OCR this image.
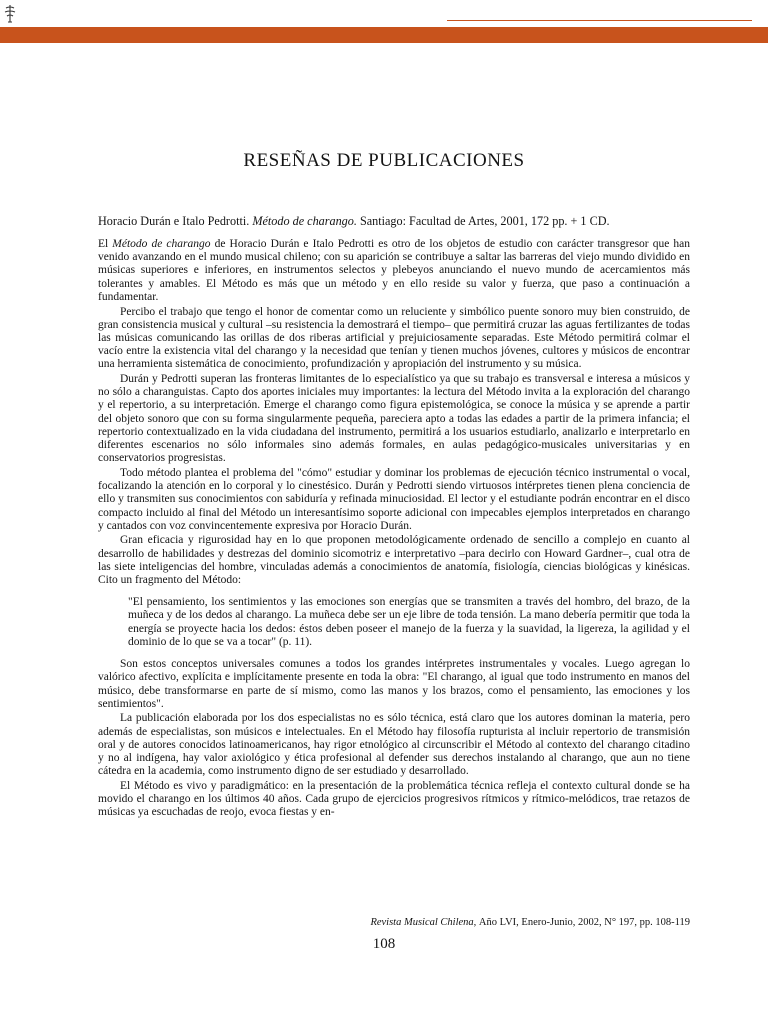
RESEÑAS DE PUBLICACIONES

Horacio Durán e Italo Pedrotti. Método de charango. Santiago: Facultad de Artes, 2001, 172 pp. + 1 CD.

El Método de charango de Horacio Durán e Italo Pedrotti es otro de los objetos de estudio con carácter transgresor que han venido avanzando en el mundo musical chileno; con su aparición se contribuye a saltar las barreras del viejo mundo dividido en músicas superiores e inferiores, en instrumentos selectos y plebeyos anunciando el nuevo mundo de acercamientos más tolerantes y amables. El Método es más que un método y en ello reside su valor y fuerza, que paso a continuación a fundamentar.

Percibo el trabajo que tengo el honor de comentar como un reluciente y simbólico puente sonoro muy bien construido, de gran consistencia musical y cultural –su resistencia la demostrará el tiempo– que permitirá cruzar las aguas fertilizantes de todas las músicas comunicando las orillas de dos riberas artificial y prejuiciosamente separadas. Este Método permitirá colmar el vacío entre la existencia vital del charango y la necesidad que tenían y tienen muchos jóvenes, cultores y músicos de encontrar una herramienta sistemática de conocimiento, profundización y apropiación del instrumento y su música.

Durán y Pedrotti superan las fronteras limitantes de lo especialístico ya que su trabajo es transversal e interesa a músicos y no sólo a charanguistas. Capto dos aportes iniciales muy importantes: la lectura del Método invita a la exploración del charango y el repertorio, a su interpretación. Emerge el charango como figura epistemológica, se conoce la música y se aprende a partir del objeto sonoro que con su forma singularmente pequeña, pareciera apto a todas las edades a partir de la primera infancia; el repertorio contextualizado en la vida ciudadana del instrumento, permitirá a los usuarios estudiarlo, analizarlo e interpretarlo en diferentes escenarios no sólo informales sino además formales, en aulas pedagógico-musicales universitarias y en conservatorios progresistas.

Todo método plantea el problema del "cómo" estudiar y dominar los problemas de ejecución técnico instrumental o vocal, focalizando la atención en lo corporal y lo cinestésico. Durán y Pedrotti siendo virtuosos intérpretes tienen plena conciencia de ello y transmiten sus conocimientos con sabiduría y refinada minuciosidad. El lector y el estudiante podrán encontrar en el disco compacto incluido al final del Método un interesantísimo soporte adicional con impecables ejemplos interpretados en charango y cantados con voz convincentemente expresiva por Horacio Durán.

Gran eficacia y rigurosidad hay en lo que proponen metodológicamente ordenado de sencillo a complejo en cuanto al desarrollo de habilidades y destrezas del dominio sicomotriz e interpretativo –para decirlo con Howard Gardner–, cual otra de las siete inteligencias del hombre, vinculadas además a conocimientos de anatomía, fisiología, ciencias biológicas y kinésicas. Cito un fragmento del Método:

"El pensamiento, los sentimientos y las emociones son energías que se transmiten a través del hombro, del brazo, de la muñeca y de los dedos al charango. La muñeca debe ser un eje libre de toda tensión. La mano debería permitir que toda la energía se proyecte hacia los dedos: éstos deben poseer el manejo de la fuerza y la suavidad, la ligereza, la agilidad y el dominio de lo que se va a tocar" (p. 11).

Son estos conceptos universales comunes a todos los grandes intérpretes instrumentales y vocales. Luego agregan lo valórico afectivo, explícita e implícitamente presente en toda la obra: "El charango, al igual que todo instrumento en manos del músico, debe transformarse en parte de sí mismo, como las manos y los brazos, como el pensamiento, las emociones y los sentimientos".

La publicación elaborada por los dos especialistas no es sólo técnica, está claro que los autores dominan la materia, pero además de especialistas, son músicos e intelectuales. En el Método hay filosofía rupturista al incluir repertorio de transmisión oral y de autores conocidos latinoamericanos, hay rigor etnológico al circunscribir el Método al contexto del charango citadino y no al indígena, hay valor axiológico y ética profesional al defender sus derechos instalando al charango, que aun no tiene cátedra en la academia, como instrumento digno de ser estudiado y desarrollado.

El Método es vivo y paradigmático: en la presentación de la problemática técnica refleja el contexto cultural donde se ha movido el charango en los últimos 40 años. Cada grupo de ejercicios progresivos rítmicos y rítmico-melódicos, trae retazos de músicas ya escuchadas de reojo, evoca fiestas y en-

Revista Musical Chilena, Año LVI, Enero-Junio, 2002, N° 197, pp. 108-119

108
